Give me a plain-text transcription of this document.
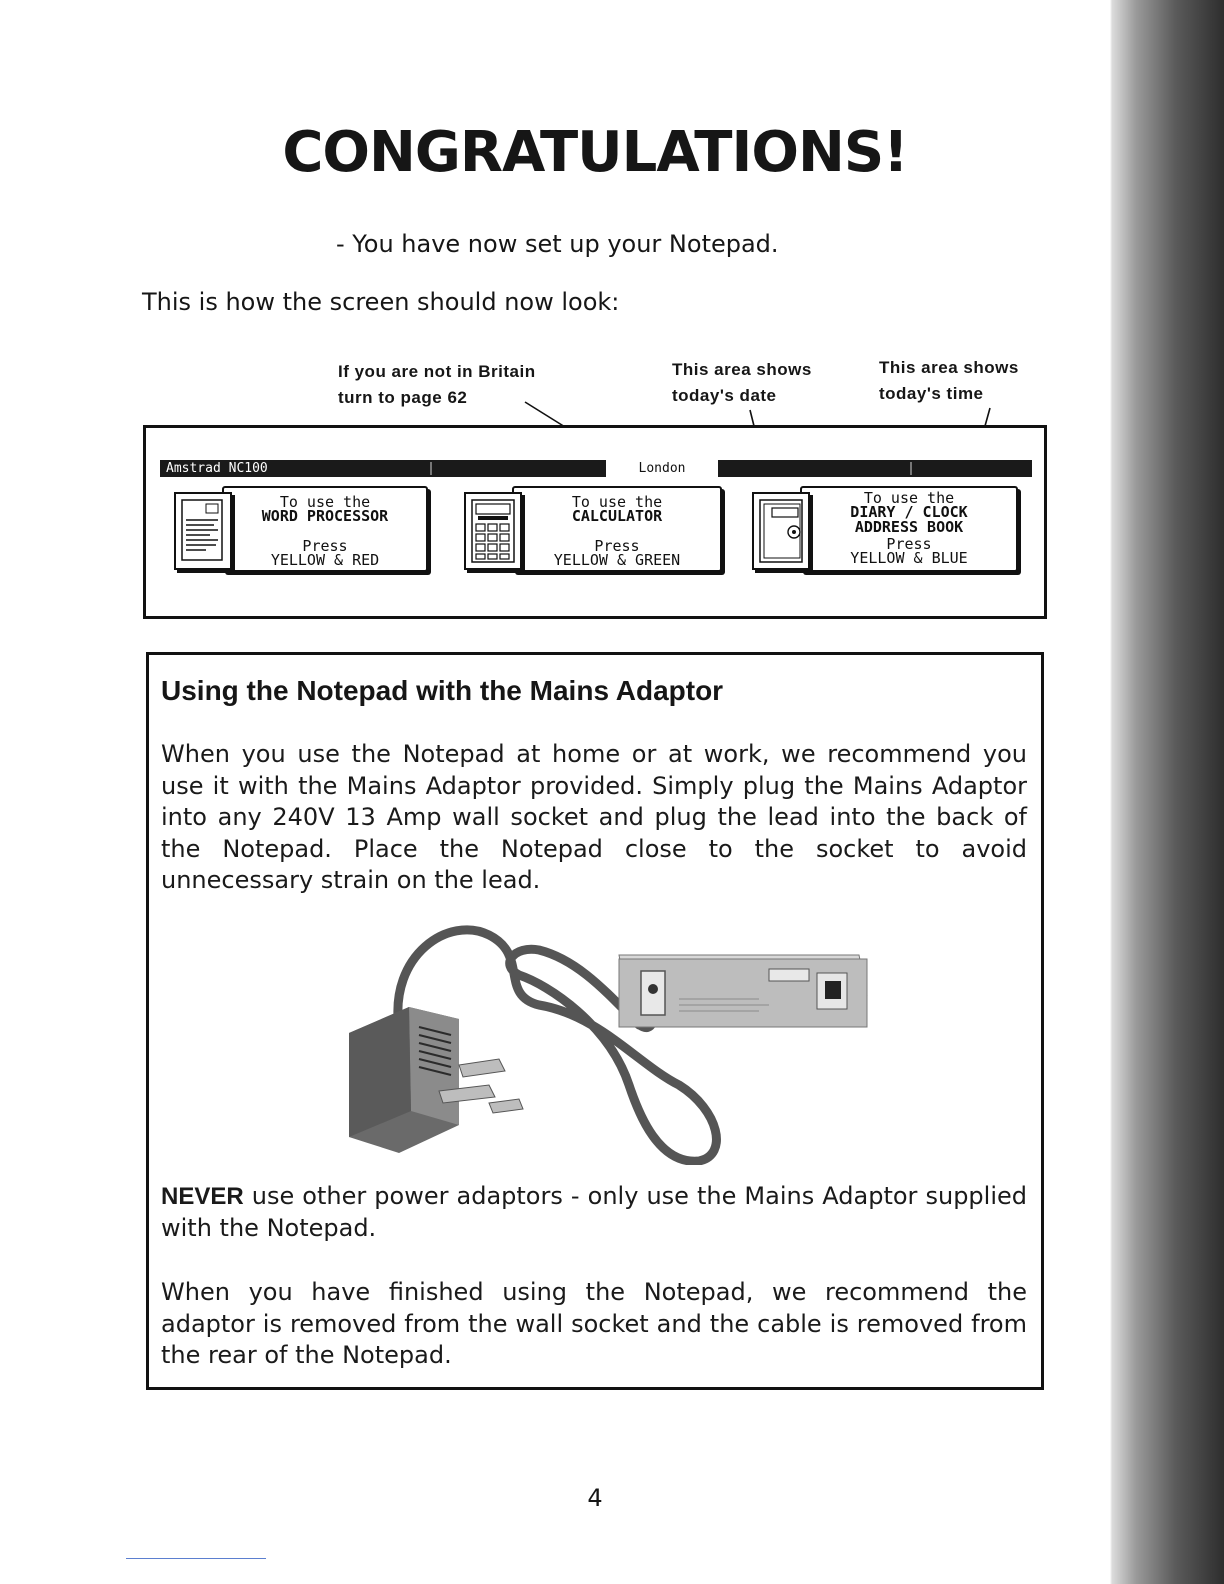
CONGRATULATIONS!

- You have now set up your Notepad.

This is how the screen should now look:

If you are not in Britain
turn to page 62

This area shows
today's date

This area shows
today's time

Amstrad NC100	London
To use the
WORD PROCESSOR
Press
YELLOW & RED
To use the
CALCULATOR
Press
YELLOW & GREEN
To use the
DIARY / CLOCK
ADDRESS BOOK
Press
YELLOW & BLUE
Using the Notepad with the Mains Adaptor

When you use the Notepad at home or at work, we recommend you use it with the Mains Adaptor provided. Simply plug the Mains Adaptor into any 240V 13 Amp wall socket and plug the lead into the back of the Notepad. Place the Notepad close to the socket to avoid unnecessary strain on the lead.

NEVER use other power adaptors - only use the Mains Adaptor supplied with the Notepad.

When you have finished using the Notepad, we recommend the adaptor is removed from the wall socket and the cable is removed from the rear of the Notepad.

4
